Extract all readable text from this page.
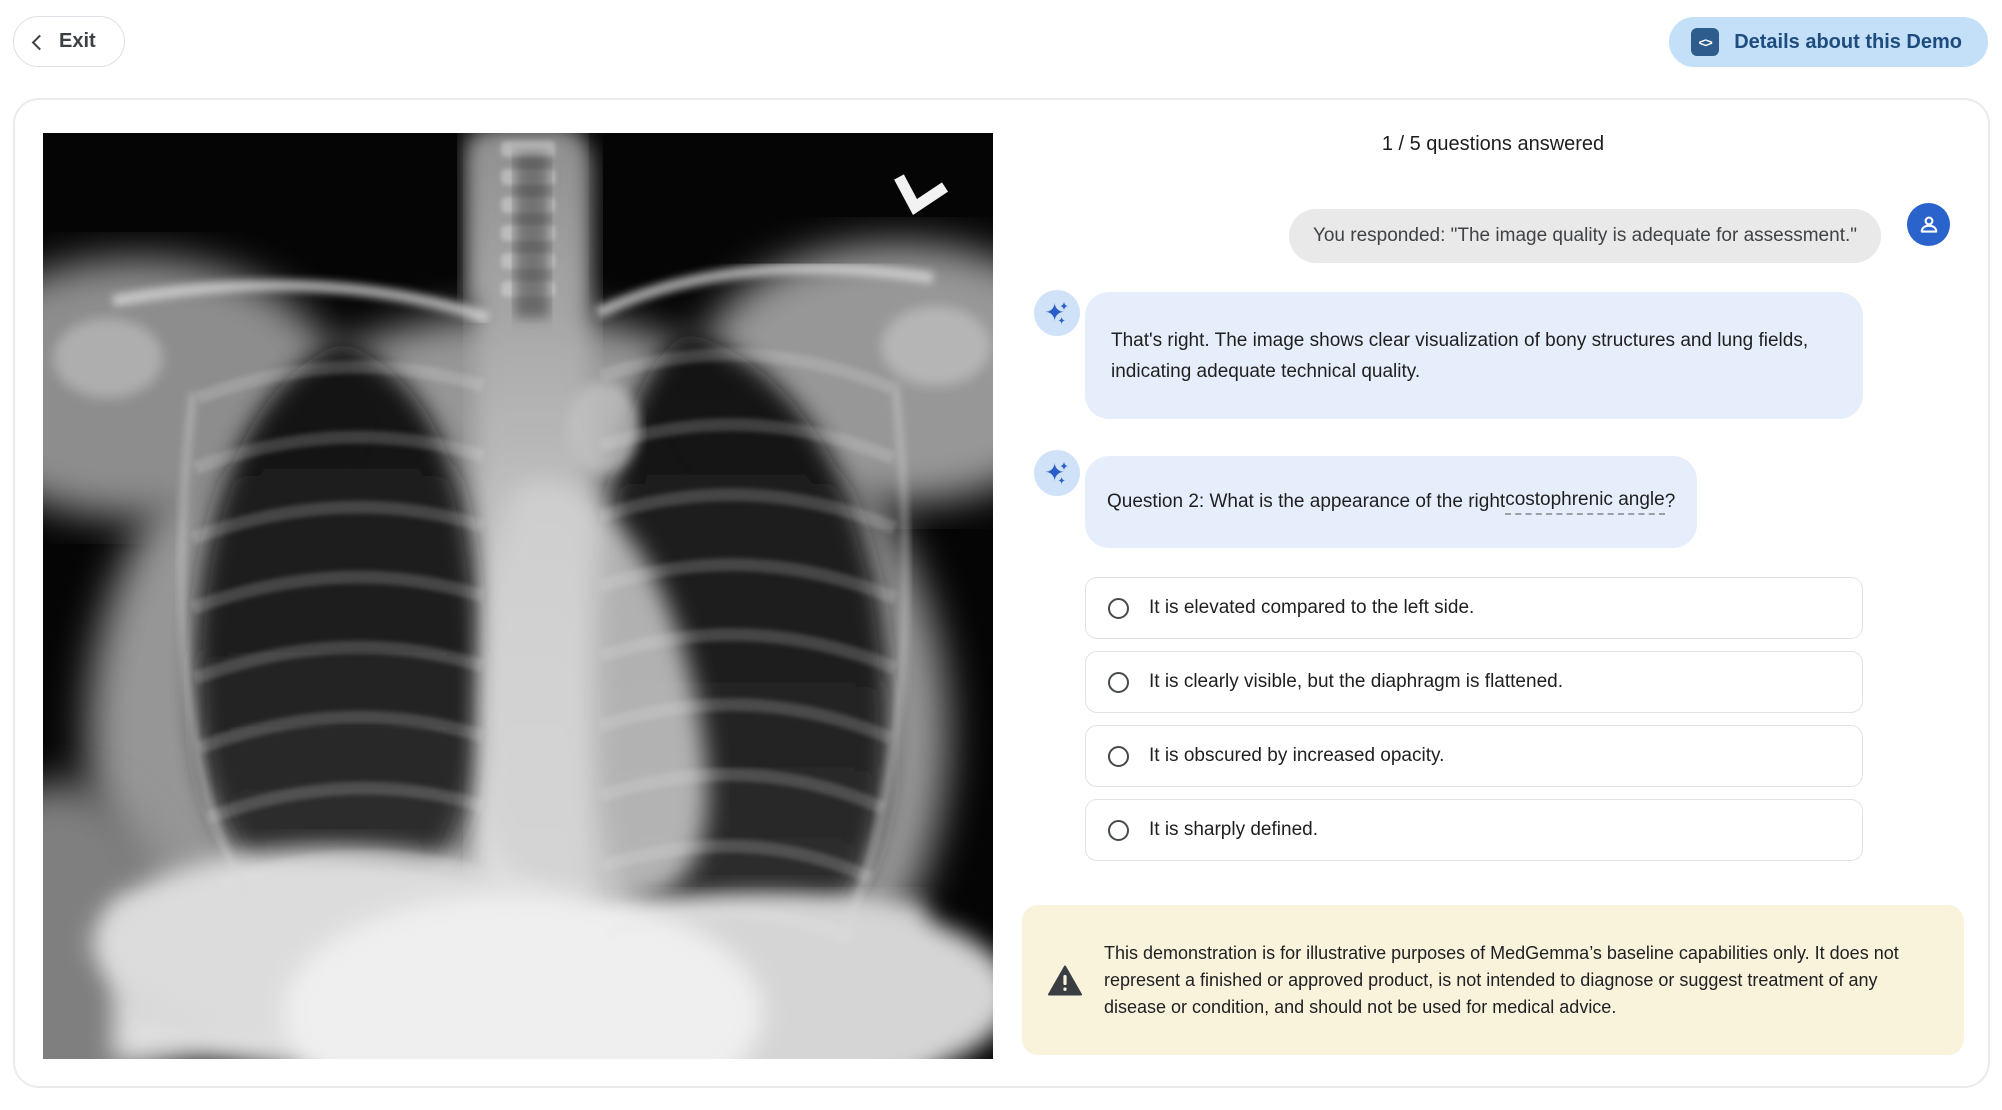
Exit	<>	Details about this Demo
1 / 5 questions answered
You responded: "The image quality is adequate for assessment."
That's right. The image shows clear visualization of bony structures and lung fields, indicating adequate technical quality.
Question 2: What is the appearance of the right costophrenic angle ?
It is elevated compared to the left side.
It is clearly visible, but the diaphragm is flattened.
It is obscured by increased opacity.
It is sharply defined.
This demonstration is for illustrative purposes of MedGemma’s baseline capabilities only. It does not represent a finished or approved product, is not intended to diagnose or suggest treatment of any disease or condition, and should not be used for medical advice.
